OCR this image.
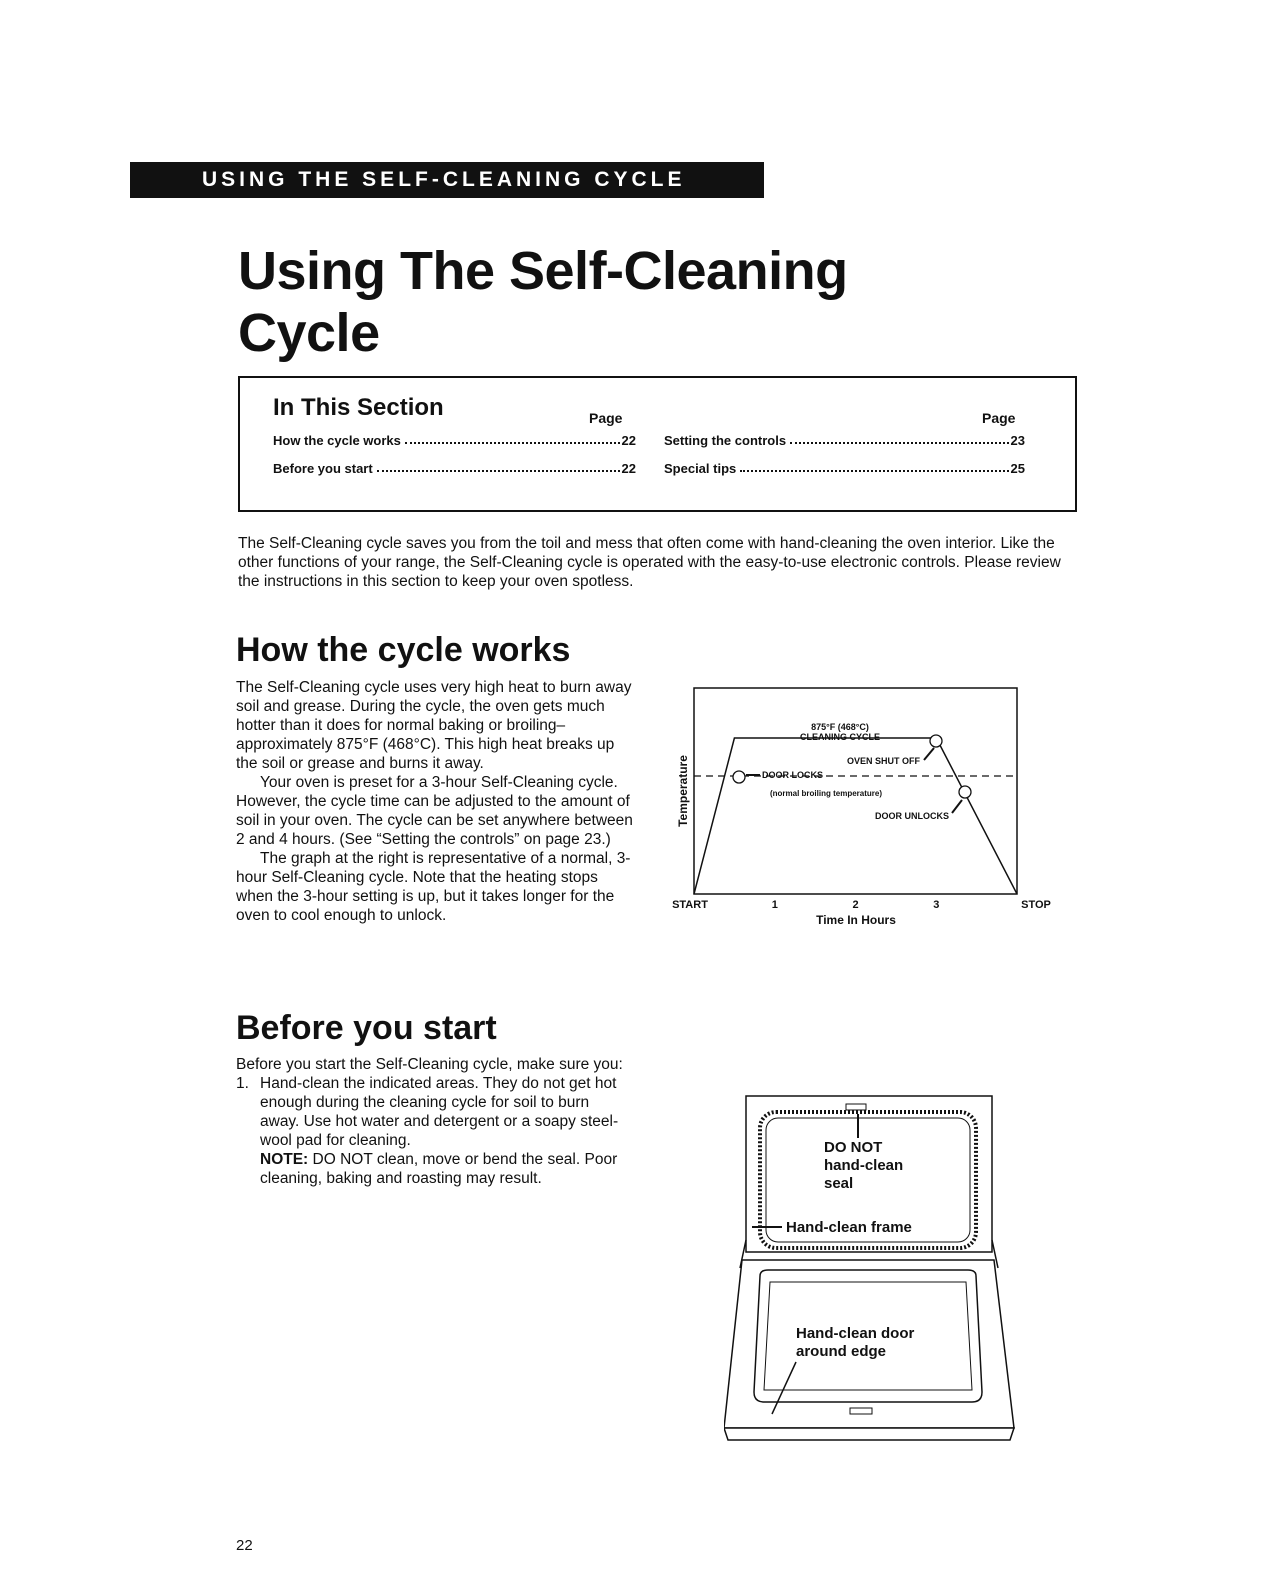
USING THE SELF-CLEANING CYCLE
Using The Self-Cleaning
Cycle
In This Section	Page	Page
How the cycle works	22
Before you start	22
Setting the controls	23
Special tips	25
The Self-Cleaning cycle saves you from the toil and mess that often come with hand-cleaning the oven interior. Like the other functions of your range, the Self-Cleaning cycle is operated with the easy-to-use electronic controls. Please review the instructions in this section to keep your oven spotless.
How the cycle works

The Self-Cleaning cycle uses very high heat to burn away soil and grease. During the cycle, the oven gets much hotter than it does for normal baking or broiling–approximately 875°F (468°C). This high heat breaks up the soil or grease and burns it away.

Your oven is preset for a 3-hour Self-Cleaning cycle. However, the cycle time can be adjusted to the amount of soil in your oven. The cycle can be set anywhere between 2 and 4 hours. (See “Setting the controls” on page 23.)

The graph at the right is representative of a normal, 3-hour Self-Cleaning cycle. Note that the heating stops when the 3-hour setting is up, but it takes longer for the oven to cool enough to unlock.

Temperature
875°F (468°C)
CLEANING CYCLE
OVEN SHUT OFF
DOOR LOCKS
(normal broiling temperature)
DOOR UNLOCKS
START	1	2	3	STOP
Time In Hours
Before you start

Before you start the Self-Cleaning cycle, make sure you:

1. Hand-clean the indicated areas. They do not get hot enough during the cleaning cycle for soil to burn away. Use hot water and detergent or a soapy steel-wool pad for cleaning.
NOTE: DO NOT clean, move or bend the seal. Poor cleaning, baking and roasting may result.
DO NOT
hand-clean
seal
Hand-clean frame
Hand-clean door
around edge
22
